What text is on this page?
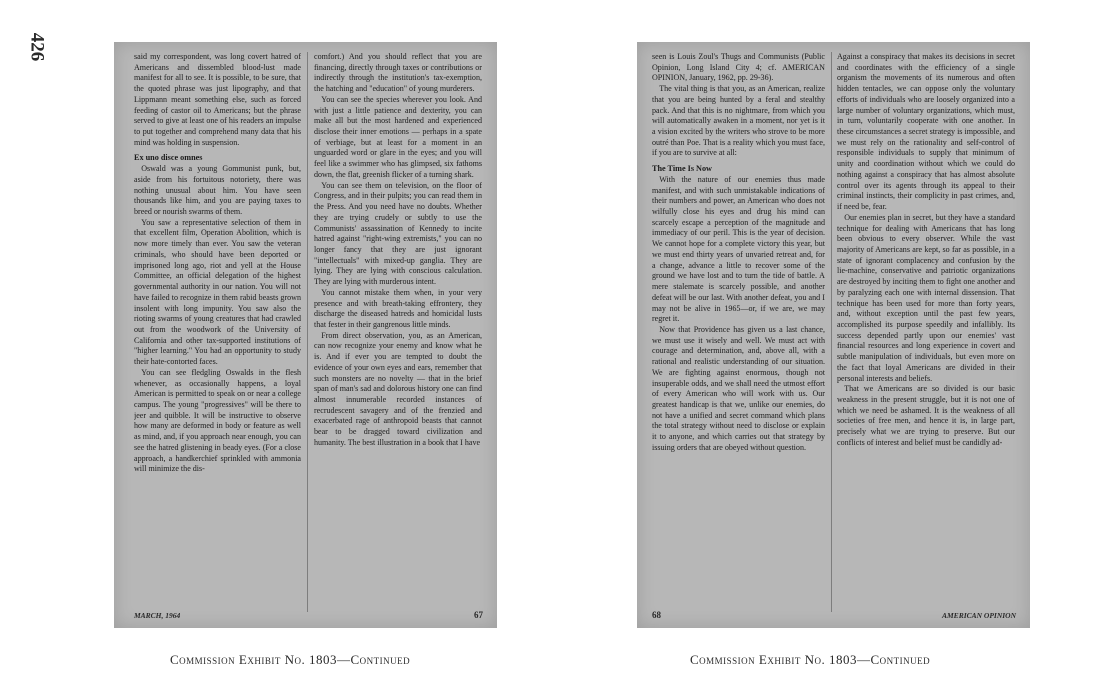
426	said my correspondent, was long covert hatred of Americans and dissembled blood-lust made manifest for all to see. It is possible, to be sure, that the quoted phrase was just lipography, and that Lippmann meant something else, such as forced feeding of castor oil to Americans; but the phrase served to give at least one of his readers an impulse to put together and comprehend many data that his mind was holding in suspension.

Ex uno disce omnes

Oswald was a young Gommunist punk, but, aside from his fortuitous notoriety, there was nothing unusual about him. You have seen thousands like him, and you are paying taxes to breed or nourish swarms of them.

You saw a representative selection of them in that excellent film, Operation Abolition, which is now more timely than ever. You saw the veteran criminals, who should have been deported or imprisoned long ago, riot and yell at the House Committee, an official delegation of the highest governmental authority in our nation. You will not have failed to recognize in them rabid beasts grown insolent with long impunity. You saw also the rioting swarms of young creatures that had crawled out from the woodwork of the University of California and other tax-supported institutions of "higher learning." You had an opportunity to study their hate-contorted faces.

You can see fledgling Oswalds in the flesh whenever, as occasionally happens, a loyal American is permitted to speak on or near a college campus. The young "progressives" will be there to jeer and quibble. It will be instructive to observe how many are deformed in body or feature as well as mind, and, if you approach near enough, you can see the hatred glistening in beady eyes. (For a close approach, a handkerchief sprinkled with ammonia will minimize the dis-

comfort.) And you should reflect that you are financing, directly through taxes or contributions or indirectly through the institution's tax-exemption, the hatching and "education" of young murderers.

You can see the species wherever you look. And with just a little patience and dexterity, you can make all but the most hardened and experienced disclose their inner emotions — perhaps in a spate of verbiage, but at least for a moment in an unguarded word or glare in the eyes; and you will feel like a swimmer who has glimpsed, six fathoms down, the flat, greenish flicker of a turning shark.

You can see them on television, on the floor of Congress, and in their pulpits; you can read them in the Press. And you need have no doubts. Whether they are trying crudely or subtly to use the Communists' assassination of Kennedy to incite hatred against "right-wing extremists," you can no longer fancy that they are just ignorant "intellectuals" with mixed-up ganglia. They are lying. They are lying with conscious calculation. They are lying with murderous intent.

You cannot mistake them when, in your very presence and with breath-taking effrontery, they discharge the diseased hatreds and homicidal lusts that fester in their gangrenous little minds.

From direct observation, you, as an American, can now recognize your enemy and know what he is. And if ever you are tempted to doubt the evidence of your own eyes and ears, remember that such monsters are no novelty — that in the brief span of man's sad and dolorous history one can find almost innumerable recorded instances of recrudescent savagery and of the frenzied and exacerbated rage of anthropoid beasts that cannot bear to be dragged toward civilization and humanity. The best illustration in a book that I have

MARCH, 1964	67

seen is Louis Zoul's Thugs and Communists (Public Opinion, Long Island City 4; cf. AMERICAN OPINION, January, 1962, pp. 29-36).

The vital thing is that you, as an American, realize that you are being hunted by a feral and stealthy pack. And that this is no nightmare, from which you will automatically awaken in a moment, nor yet is it a vision excited by the writers who strove to be more outré than Poe. That is a reality which you must face, if you are to survive at all:

The Time Is Now

With the nature of our enemies thus made manifest, and with such unmistakable indications of their numbers and power, an American who does not wilfully close his eyes and drug his mind can scarcely escape a perception of the magnitude and immediacy of our peril. This is the year of decision. We cannot hope for a complete victory this year, but we must end thirty years of unvaried retreat and, for a change, advance a little to recover some of the ground we have lost and to turn the tide of battle. A mere stalemate is scarcely possible, and another defeat will be our last. With another defeat, you and I may not be alive in 1965—or, if we are, we may regret it.

Now that Providence has given us a last chance, we must use it wisely and well. We must act with courage and determination, and, above all, with a rational and realistic understanding of our situation. We are fighting against enormous, though not insuperable odds, and we shall need the utmost effort of every American who will work with us. Our greatest handicap is that we, unlike our enemies, do not have a unified and secret command which plans the total strategy without need to disclose or explain it to anyone, and which carries out that strategy by issuing orders that are obeyed without question.

Against a conspiracy that makes its decisions in secret and coordinates with the efficiency of a single organism the movements of its numerous and often hidden tentacles, we can oppose only the voluntary efforts of individuals who are loosely organized into a large number of voluntary organizations, which must, in turn, voluntarily cooperate with one another. In these circumstances a secret strategy is impossible, and we must rely on the rationality and self-control of responsible individuals to supply that minimum of unity and coordination without which we could do nothing against a conspiracy that has almost absolute control over its agents through its appeal to their criminal instincts, their complicity in past crimes, and, if need be, fear.

Our enemies plan in secret, but they have a standard technique for dealing with Americans that has long been obvious to every observer. While the vast majority of Americans are kept, so far as possible, in a state of ignorant complacency and confusion by the lie-machine, conservative and patriotic organizations are destroyed by inciting them to fight one another and by paralyzing each one with internal dissension. That technique has been used for more than forty years, and, without exception until the past few years, accomplished its purpose speedily and infallibly. Its success depended partly upon our enemies' vast financial resources and long experience in covert and subtle manipulation of individuals, but even more on the fact that loyal Americans are divided in their personal interests and beliefs.

That we Americans are so divided is our basic weakness in the present struggle, but it is not one of which we need be ashamed. It is the weakness of all societies of free men, and hence it is, in large part, precisely what we are trying to preserve. But our conflicts of interest and belief must be candidly ad-

68	AMERICAN OPINION
Commission Exhibit No. 1803—Continued	Commission Exhibit No. 1803—Continued
